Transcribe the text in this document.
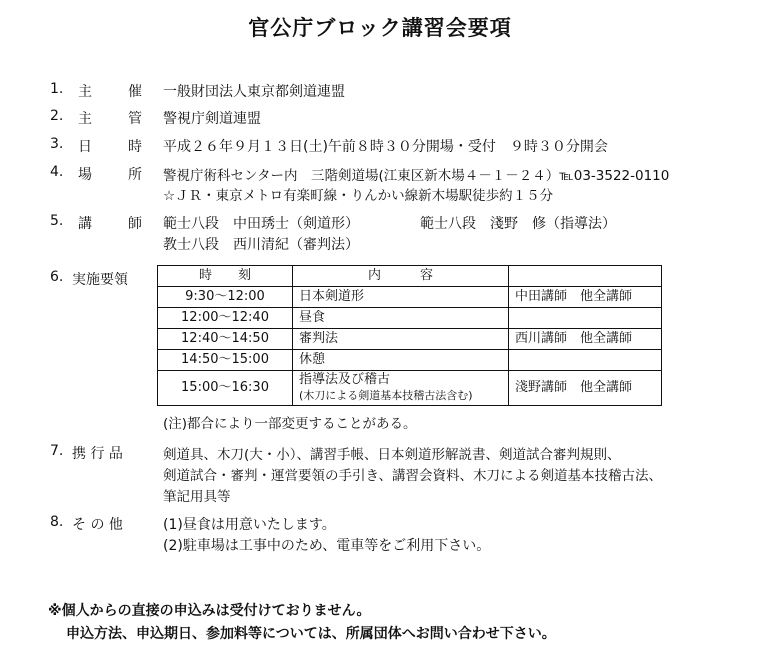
官公庁ブロック講習会要項
1. 主	催 一般財団法人東京都剣道連盟
2. 主	管 警視庁剣道連盟
3. 日	時 平成２６年９月１３日(土)午前８時３０分開場・受付　９時３０分開会
4. 場	所 警視庁術科センター内　三階剣道場(江東区新木場４－１－２４）℡03-3522-0110
☆ＪＲ・東京メトロ有楽町線・りんかい線新木場駅徒歩約１５分
5. 講	師 範士八段　中田琇士（剣道形）	範士八段　淺野　修（指導法）
教士八段　西川清紀（審判法）
6. 実施要領	時　　刻	内　　　容	
9:30～12:00	日本剣道形	中田講師　他全講師
12:00～12:40	昼食	
12:40～14:50	審判法	西川講師　他全講師
14:50～15:00	休憩	
15:00～16:30	指導法及び稽古
(木刀による剣道基本技稽古法含む)	淺野講師　他全講師
(注)都合により一部変更することがある。
7. 携 行 品	剣道具、木刀(大・小）、講習手帳、日本剣道形解説書、剣道試合審判規則、
剣道試合・審判・運営要領の手引き、講習会資料、木刀による剣道基本技稽古法、
筆記用具等
8. そ の 他	(1)昼食は用意いたします。
(2)駐車場は工事中のため、電車等をご利用下さい。
※個人からの直接の申込みは受付けておりません。
申込方法、申込期日、参加料等については、所属団体へお問い合わせ下さい。
